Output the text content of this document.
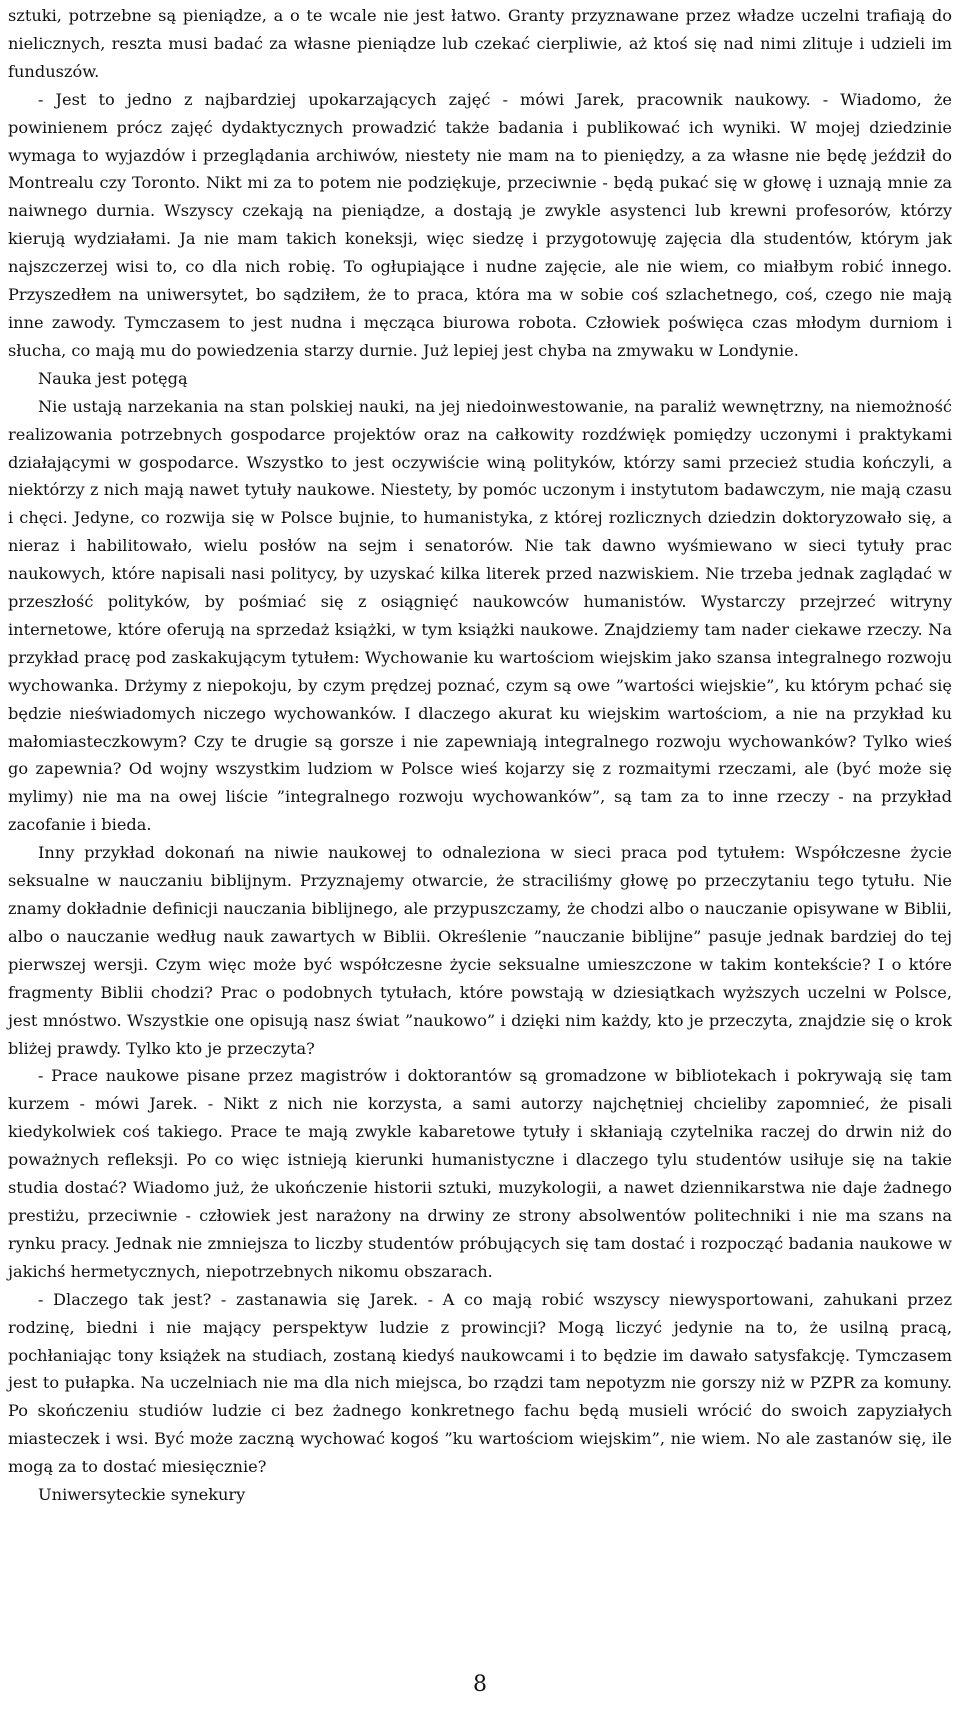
sztuki, potrzebne są pieniądze, a o te wcale nie jest łatwo. Granty przyznawane przez władze uczelni trafiają do nielicznych, reszta musi badać za własne pieniądze lub czekać cierpliwie, aż ktoś się nad nimi zlituje i udzieli im funduszów.

- Jest to jedno z najbardziej upokarzających zajęć - mówi Jarek, pracownik naukowy. - Wiadomo, że powinienem prócz zajęć dydaktycznych prowadzić także badania i publikować ich wyniki. W mojej dziedzinie wymaga to wyjazdów i przeglądania archiwów, niestety nie mam na to pieniędzy, a za własne nie będę jeździł do Montrealu czy Toronto. Nikt mi za to potem nie podziękuje, przeciwnie - będą pukać się w głowę i uznają mnie za naiwnego durnia. Wszyscy czekają na pieniądze, a dostają je zwykle asystenci lub krewni profesorów, którzy kierują wydziałami. Ja nie mam takich koneksji, więc siedzę i przygotowuję zajęcia dla studentów, którym jak najszczerzej wisi to, co dla nich robię. To ogłupiające i nudne zajęcie, ale nie wiem, co miałbym robić innego. Przyszedłem na uniwersytet, bo sądziłem, że to praca, która ma w sobie coś szlachetnego, coś, czego nie mają inne zawody. Tymczasem to jest nudna i męcząca biurowa robota. Człowiek poświęca czas młodym durniom i słucha, co mają mu do powiedzenia starzy durnie. Już lepiej jest chyba na zmywaku w Londynie.

Nauka jest potęgą

Nie ustają narzekania na stan polskiej nauki, na jej niedoinwestowanie, na paraliż wewnętrzny, na niemożność realizowania potrzebnych gospodarce projektów oraz na całkowity rozdźwięk pomiędzy uczonymi i praktykami działającymi w gospodarce. Wszystko to jest oczywiście winą polityków, którzy sami przecież studia kończyli, a niektórzy z nich mają nawet tytuły naukowe. Niestety, by pomóc uczonym i instytutom badawczym, nie mają czasu i chęci. Jedyne, co rozwija się w Polsce bujnie, to humanistyka, z której rozlicznych dziedzin doktoryzowało się, a nieraz i habilitowało, wielu posłów na sejm i senatorów. Nie tak dawno wyśmiewano w sieci tytuły prac naukowych, które napisali nasi politycy, by uzyskać kilka literek przed nazwiskiem. Nie trzeba jednak zaglądać w przeszłość polityków, by pośmiać się z osiągnięć naukowców humanistów. Wystarczy przejrzeć witryny internetowe, które oferują na sprzedaż książki, w tym książki naukowe. Znajdziemy tam nader ciekawe rzeczy. Na przykład pracę pod zaskakującym tytułem: Wychowanie ku wartościom wiejskim jako szansa integralnego rozwoju wychowanka. Drżymy z niepokoju, by czym prędzej poznać, czym są owe ”wartości wiejskie”, ku którym pchać się będzie nieświadomych niczego wychowanków. I dlaczego akurat ku wiejskim wartościom, a nie na przykład ku małomiasteczkowym? Czy te drugie są gorsze i nie zapewniają integralnego rozwoju wychowanków? Tylko wieś go zapewnia? Od wojny wszystkim ludziom w Polsce wieś kojarzy się z rozmaitymi rzeczami, ale (być może się mylimy) nie ma na owej liście ”integralnego rozwoju wychowanków”, są tam za to inne rzeczy - na przykład zacofanie i bieda.

Inny przykład dokonań na niwie naukowej to odnaleziona w sieci praca pod tytułem: Współczesne życie seksualne w nauczaniu biblijnym. Przyznajemy otwarcie, że straciliśmy głowę po przeczytaniu tego tytułu. Nie znamy dokładnie definicji nauczania biblijnego, ale przypuszczamy, że chodzi albo o nauczanie opisywane w Biblii, albo o nauczanie według nauk zawartych w Biblii. Określenie ”nauczanie biblijne” pasuje jednak bardziej do tej pierwszej wersji. Czym więc może być współczesne życie seksualne umieszczone w takim kontekście? I o które fragmenty Biblii chodzi? Prac o podobnych tytułach, które powstają w dziesiątkach wyższych uczelni w Polsce, jest mnóstwo. Wszystkie one opisują nasz świat ”naukowo” i dzięki nim każdy, kto je przeczyta, znajdzie się o krok bliżej prawdy. Tylko kto je przeczyta?

- Prace naukowe pisane przez magistrów i doktorantów są gromadzone w bibliotekach i pokrywają się tam kurzem - mówi Jarek. - Nikt z nich nie korzysta, a sami autorzy najchętniej chcieliby zapomnieć, że pisali kiedykolwiek coś takiego. Prace te mają zwykle kabaretowe tytuły i skłaniają czytelnika raczej do drwin niż do poważnych refleksji. Po co więc istnieją kierunki humanistyczne i dlaczego tylu studentów usiłuje się na takie studia dostać? Wiadomo już, że ukończenie historii sztuki, muzykologii, a nawet dziennikarstwa nie daje żadnego prestiżu, przeciwnie - człowiek jest narażony na drwiny ze strony absolwentów politechniki i nie ma szans na rynku pracy. Jednak nie zmniejsza to liczby studentów próbujących się tam dostać i rozpocząć badania naukowe w jakichś hermetycznych, niepotrzebnych nikomu obszarach.

- Dlaczego tak jest? - zastanawia się Jarek. - A co mają robić wszyscy niewysportowani, zahukani przez rodzinę, biedni i nie mający perspektyw ludzie z prowincji? Mogą liczyć jedynie na to, że usilną pracą, pochłaniając tony książek na studiach, zostaną kiedyś naukowcami i to będzie im dawało satysfakcję. Tymczasem jest to pułapka. Na uczelniach nie ma dla nich miejsca, bo rządzi tam nepotyzm nie gorszy niż w PZPR za komuny. Po skończeniu studiów ludzie ci bez żadnego konkretnego fachu będą musieli wrócić do swoich zapyziałych miasteczek i wsi. Być może zaczną wychować kogoś ”ku wartościom wiejskim”, nie wiem. No ale zastanów się, ile mogą za to dostać miesięcznie?

Uniwersyteckie synekury

8
